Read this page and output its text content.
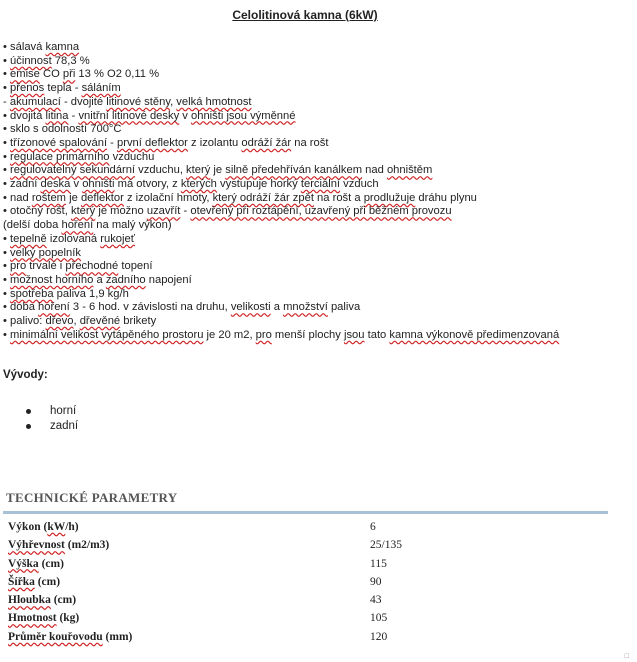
Celolitinová kamna (6kW)
• sálavá kamna
• účinnost 78,3 %
• emise CO při 13 % O2 0,11 %
• přenos tepla - sáláním
- akumulací - dvojité litinové stěny, velká hmotnost
• dvojitá litina - vnitřní litinové desky v ohništi jsou výměnné
• sklo s odolností 700°C
• třízonové spalování - první deflektor z izolantu odráží žár na rošt
• regulace primárního vzduchu
• regulovatelný sekundární vzduchu, který je silně předehříván kanálkem nad ohništěm
• zadní deska v ohništi má otvory, z kterých vystupuje horký terciální vzduch
• nad roštem je deflektor z izolační hmoty, který odráží žár zpět na rošt a prodlužuje dráhu plynu
• otočný rošt, který je možno uzavřít - otevřený při roztápění, uzavřený při běžném provozu
(delší doba hoření na malý výkon)
• tepelně izolovaná rukojeť
• velký popelník
• pro trvalé i přechodné topení
• možnost horního a zadního napojení
• spotřeba paliva 1,9 kg/h
• doba hoření 3 - 6 hod. v závislosti na druhu, velikosti a množství paliva
• palivo: dřevo, dřevěné brikety
• minimální velikost vytápěného prostoru je 20 m2, pro menší plochy jsou tato kamna výkonově předimenzovaná
Vývody:
horní
zadní
TECHNICKÉ PARAMETRY
Výkon (kW/h)	6
Výhřevnost (m2/m3)	25/135
Výška (cm)	115
Šířka (cm)	90
Hloubka (cm)	43
Hmotnost (kg)	105
Průměr kouřovodu (mm)	120
□
